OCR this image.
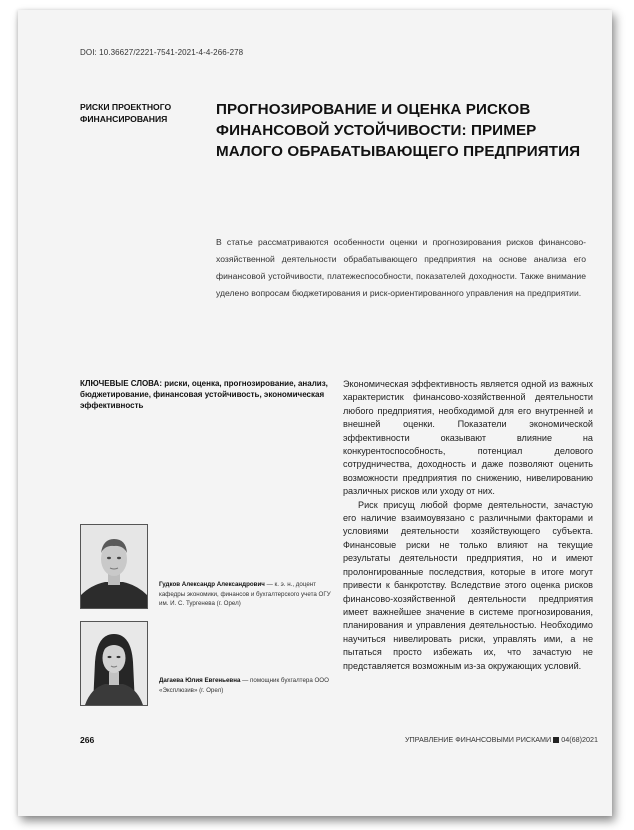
DOI: 10.36627/2221-7541-2021-4-4-266-278
РИСКИ ПРОЕКТНОГО ФИНАНСИРОВАНИЯ
ПРОГНОЗИРОВАНИЕ И ОЦЕНКА РИСКОВ ФИНАНСОВОЙ УСТОЙЧИВОСТИ: ПРИМЕР МАЛОГО ОБРАБАТЫВАЮЩЕГО ПРЕДПРИЯТИЯ
В статье рассматриваются особенности оценки и прогнозирования рисков финансово-хозяйственной деятельности обрабатывающего предприятия на основе анализа его финансовой устойчивости, платежеспособности, показателей доходности. Также внимание уделено вопросам бюджетирования и риск-ориентированного управления на предприятии.
КЛЮЧЕВЫЕ СЛОВА: риски, оценка, прогнозирование, анализ, бюджетирование, финансовая устойчивость, экономическая эффективность

Экономическая эффективность является одной из важных характеристик финансово-хозяйственной деятельности любого предприятия, необходимой для его внутренней и внешней оценки. Показатели экономической эффективности оказывают влияние на конкурентоспособность, потенциал делового сотрудничества, доходность и даже позволяют оценить возможности предприятия по снижению, нивелированию различных рисков или уходу от них.

Риск присущ любой форме деятельности, зачастую его наличие взаимоувязано с различными факторами и условиями деятельности хозяйствующего субъекта. Финансовые риски не только влияют на текущие результаты деятельности предприятия, но и имеют пролонгированные последствия, которые в итоге могут привести к банкротству. Вследствие этого оценка рисков финансово-хозяйственной деятельности предприятия имеет важнейшее значение в системе прогнозирования, планирования и управления деятельностью. Необходимо научиться нивелировать риски, управлять ими, а не пытаться просто избежать их, что зачастую не представляется возможным из-за окружающих условий.

Гудков Александр Александрович — к. э. н., доцент кафедры экономики, финансов и бухгалтерского учета ОГУ им. И. С. Тургенева (г. Орел)
Дагаева Юлия Евгеньевна — помощник бухгалтера ООО «Эксплюзив» (г. Орел)
266	УПРАВЛЕНИЕ ФИНАНСОВЫМИ РИСКАМИ 04(68)2021
